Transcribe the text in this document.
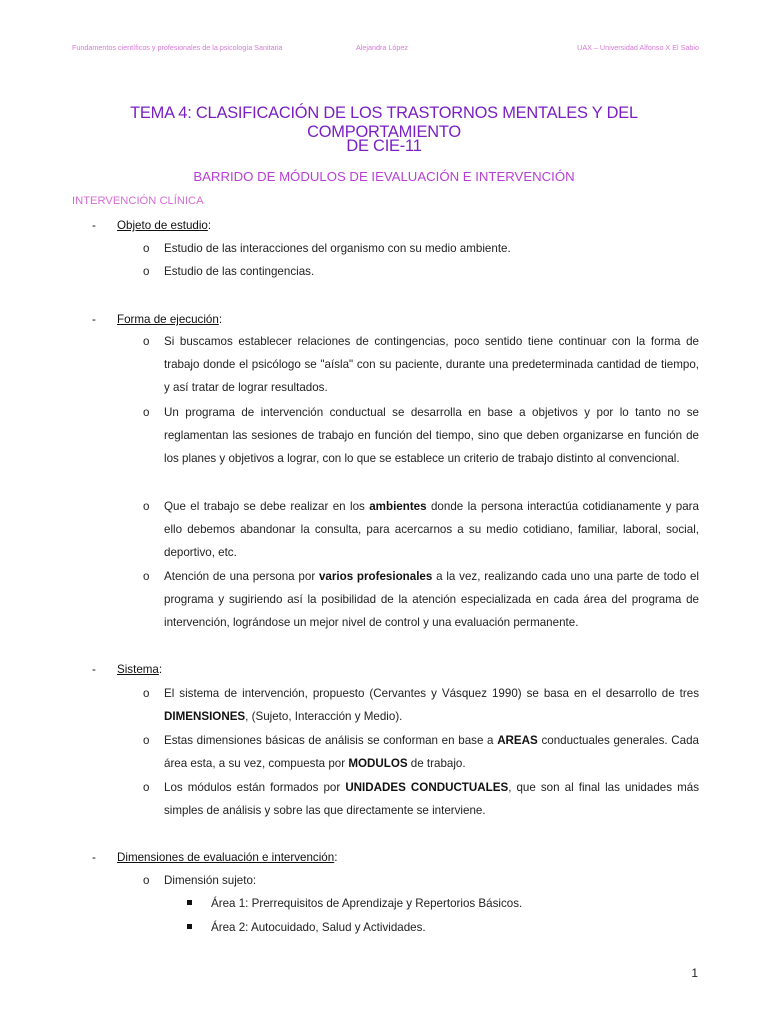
Fundamentos científicos y profesionales de la psicología Sanitaria	Alejandra López	UAX – Universidad Alfonso X El Sabio
TEMA 4: CLASIFICACIÓN DE LOS TRASTORNOS MENTALES Y DEL COMPORTAMIENTO
DE CIE-11
BARRIDO DE MÓDULOS DE IEVALUACIÓN E INTERVENCIÓN
INTERVENCIÓN CLÍNICA
- Objeto de estudio:
o Estudio de las interacciones del organismo con su medio ambiente.
o Estudio de las contingencias.
- Forma de ejecución:
o Si buscamos establecer relaciones de contingencias, poco sentido tiene continuar con la forma de trabajo donde el psicólogo se "aísla" con su paciente, durante una predeterminada cantidad de tiempo, y así tratar de lograr resultados.
o Un programa de intervención conductual se desarrolla en base a objetivos y por lo tanto no se reglamentan las sesiones de trabajo en función del tiempo, sino que deben organizarse en función de los planes y objetivos a lograr, con lo que se establece un criterio de trabajo distinto al convencional.
o Que el trabajo se debe realizar en los ambientes donde la persona interactúa cotidianamente y para ello debemos abandonar la consulta, para acercarnos a su medio cotidiano, familiar, laboral, social, deportivo, etc.
o Atención de una persona por varios profesionales a la vez, realizando cada uno una parte de todo el programa y sugiriendo así la posibilidad de la atención especializada en cada área del programa de intervención, lográndose un mejor nivel de control y una evaluación permanente.
- Sistema:
o El sistema de intervención, propuesto (Cervantes y Vásquez 1990) se basa en el desarrollo de tres DIMENSIONES, (Sujeto, Interacción y Medio).
o Estas dimensiones básicas de análisis se conforman en base a AREAS conductuales generales. Cada área esta, a su vez, compuesta por MODULOS de trabajo.
o Los módulos están formados por UNIDADES CONDUCTUALES, que son al final las unidades más simples de análisis y sobre las que directamente se interviene.
- Dimensiones de evaluación e intervención:
o Dimensión sujeto:
Área 1: Prerrequisitos de Aprendizaje y Repertorios Básicos.
Área 2: Autocuidado, Salud y Actividades.
1
